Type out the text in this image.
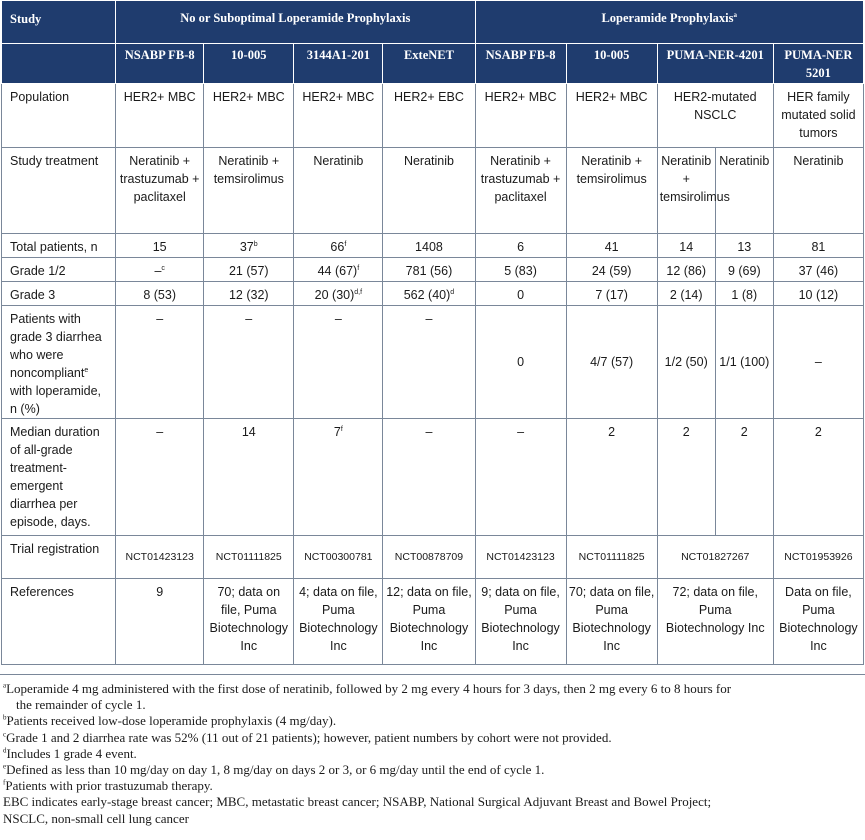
Study	No or Suboptimal Loperamide Prophylaxis				Loperamide Prophylaxis$^a$
	NSABP FB-8	10-005	3144A1-201	ExteNET	NSABP FB-8	10-005	PUMA-NER-4201		PUMA-NER 5201
Population	HER2+ MBC	HER2+ MBC	HER2+ MBC	HER2+ EBC	HER2+ MBC	HER2+ MBC	HER2-mutated NSCLC		HER family mutated solid tumors
Study treatment	Neratinib + trastuzumab + paclitaxel	Neratinib + temsirolimus	Neratinib	Neratinib	Neratinib + trastuzumab + paclitaxel	Neratinib + temsirolimus	Neratinib + temsirolimus	Neratinib	Neratinib
Total patients, n	15	37$^b$	66$^f$	1408	6	41	14	13	81
Grade 1/2	–$^c$	21 (57)	44 $(67)^f$	781 (56)	5 (83)	24 (59)	12 (86)	9 (69)	37 (46)
Grade 3	8 (53)	12 (32)	20 $(30)^{d,f}$	562 $(40)^d$	0	7 (17)	2 (14)	1 (8)	10 (12)
Patients with grade 3 diarrhea who were noncompliant$^e$ with loperamide, n (%)	–	–	–	–	0	4/7 (57)	1/2 (50)	1/1 (100)	–
Median duration of all-grade treatment-emergent diarrhea per episode, days.	–	14	7$^f$	–	–	2	2	2	2
Trial registration	NCT01423123	NCT01111825	NCT00300781	NCT00878709	NCT01423123	NCT01111825	NCT01827267		NCT01953926
References	9	70; data on file, Puma Biotechnology Inc	4; data on file, Puma Biotechnology Inc	12; data on file, Puma Biotechnology Inc	9; data on file, Puma Biotechnology Inc	70; data on file, Puma Biotechnology Inc	72; data on file, Puma Biotechnology Inc		Data on file, Puma Biotechnology Inc
$^a$Loperamide 4 mg administered with the first dose of neratinib, followed by 2 mg every 4 hours for 3 days, then 2 mg every 6 to 8 hours for
the remainder of cycle 1.
$^b$Patients received low-dose loperamide prophylaxis (4 mg/day).
$^c$Grade 1 and 2 diarrhea rate was 52% (11 out of 21 patients); however, patient numbers by cohort were not provided.
$^d$Includes 1 grade 4 event.
$^e$Defined as less than 10 mg/day on day 1, 8 mg/day on days 2 or 3, or 6 mg/day until the end of cycle 1.
$^f$Patients with prior trastuzumab therapy.
EBC indicates early-stage breast cancer; MBC, metastatic breast cancer; NSABP, National Surgical Adjuvant Breast and Bowel Project;
NSCLC, non-small cell lung cancer
